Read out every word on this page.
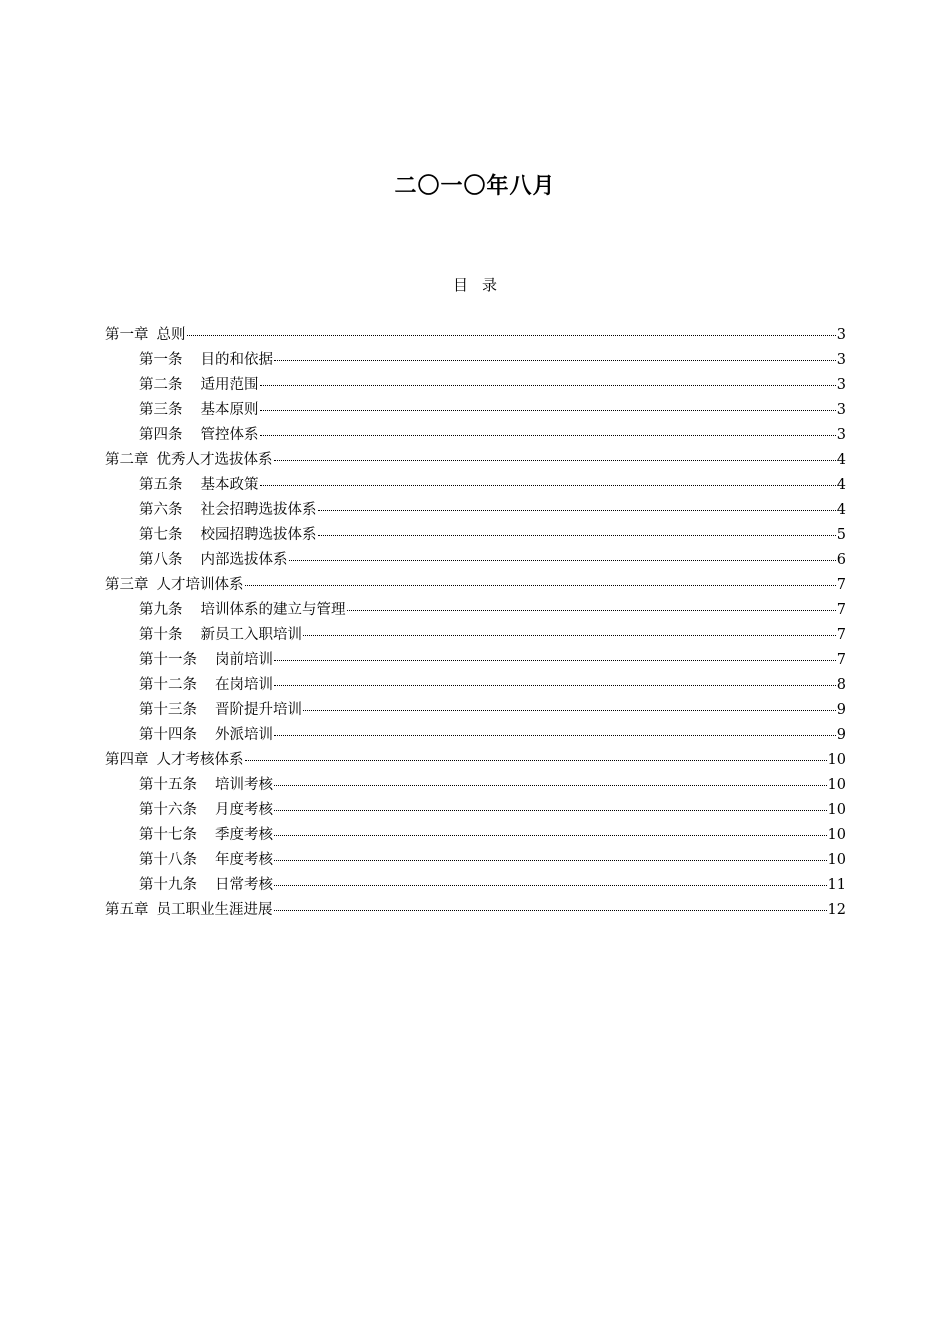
二〇一〇年八月
目录
第一章 总则	3
第一条 目的和依据	3
第二条 适用范围	3
第三条 基本原则	3
第四条 管控体系	3
第二章 优秀人才选拔体系	4
第五条 基本政策	4
第六条 社会招聘选拔体系	4
第七条 校园招聘选拔体系	5
第八条 内部选拔体系	6
第三章 人才培训体系	7
第九条 培训体系的建立与管理	7
第十条 新员工入职培训	7
第十一条 岗前培训	7
第十二条 在岗培训	8
第十三条 晋阶提升培训	9
第十四条 外派培训	9
第四章 人才考核体系	10
第十五条 培训考核	10
第十六条 月度考核	10
第十七条 季度考核	10
第十八条 年度考核	10
第十九条 日常考核	11
第五章 员工职业生涯进展	12
